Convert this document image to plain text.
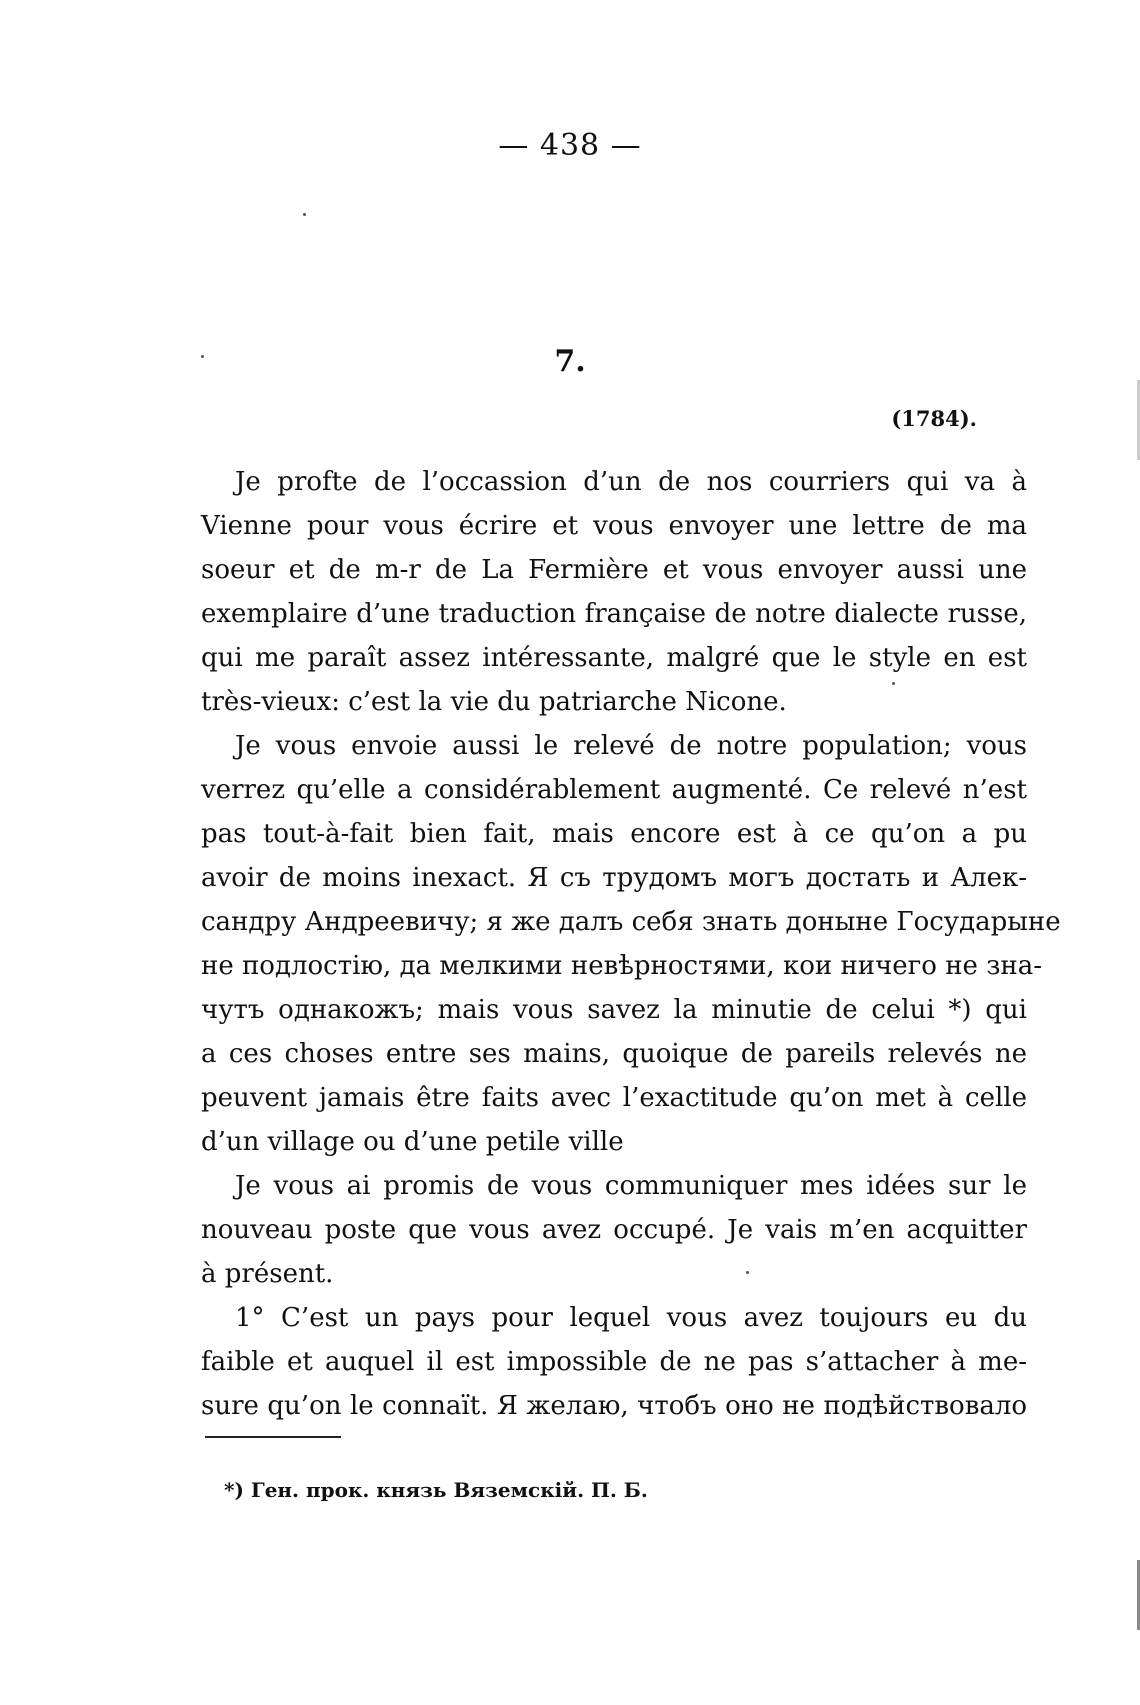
— 438 —
7.
(1784).
Je profte de l’occassion d’un de nos courriers qui va à
Vienne pour vous écrire et vous envoyer une lettre de ma
soeur et de m-r de La Fermière et vous envoyer aussi une
exemplaire d’une traduction française de notre dialecte russe,
qui me paraît assez intéressante, malgré que le style en est
très-vieux: c’est la vie du patriarche Nicone.
Je vous envoie aussi le relevé de notre population; vous
verrez qu’elle a considérablement augmenté. Ce relevé n’est
pas tout-à-fait bien fait, mais encore est à ce qu’on a pu
avoir de moins inexact. Я съ трудомъ могъ достать и Алек-
сандру Андреевичу; я же далъ себя знать доныне Государыне
не подлостію, да мелкими невѣрностями, кои ничего не зна-
чутъ однакожъ; mais vous savez la minutie de celui *) qui
a ces choses entre ses mains, quoique de pareils relevés ne
peuvent jamais être faits avec l’exactitude qu’on met à celle
d’un village ou d’une petile ville
Je vous ai promis de vous communiquer mes idées sur le
nouveau poste que vous avez occupé. Je vais m’en acquitter
à présent.
1° C’est un pays pour lequel vous avez toujours eu du
faible et auquel il est impossible de ne pas s’attacher à me-
sure qu’on le connaït. Я желаю, чтобъ оно не подѣйствовало
*) Ген. прок. князь Вяземскій. П. Б.
